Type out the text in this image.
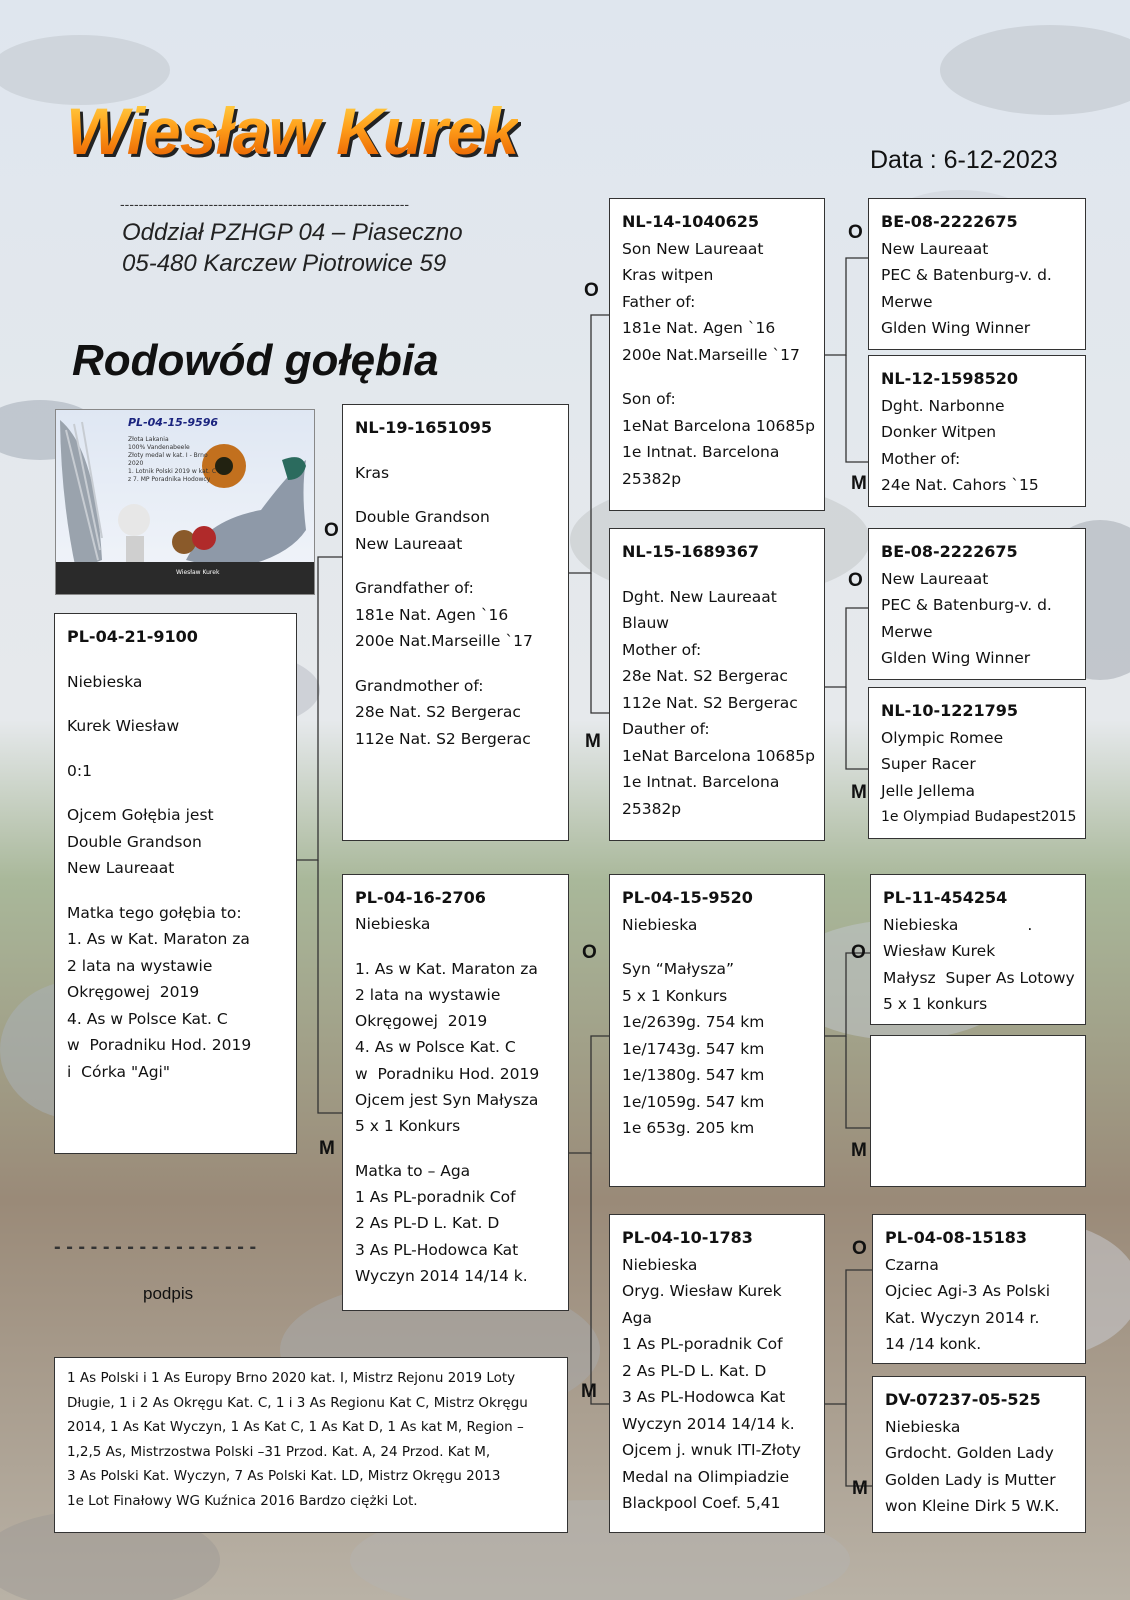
Wiesław Kurek	Data : 6-12-2023
--------------------------------------------------------------
Oddział PZHGP 04 – Piaseczno
05-480 Karczew Piotrowice 59
Rodowód gołębia
PL-04-15-9596
Złota Lakania
100% Vandenabeele
Złoty medal w kat. I - Brno 2020
1. Lotnik Polski 2019 w kat. C
z 7. MP Poradnika Hodowcy
Wiesław Kurek
PL-04-21-9100
Niebieska
Kurek Wiesław
0:1
Ojcem Gołębia jest
Double Grandson
New Laureaat
Matka tego gołębia to:
1. As w Kat. Maraton za
2 lata na wystawie
Okręgowej  2019
4. As w Polsce Kat. C
w  Poradniku Hod. 2019
i  Córka "Agi"
NL-19-1651095
Kras
Double Grandson
New Laureaat
Grandfather of:
181e Nat. Agen `16
200e Nat.Marseille `17
Grandmother of:
28e Nat. S2 Bergerac
112e Nat. S2 Bergerac
PL-04-16-2706
Niebieska
1. As w Kat. Maraton za
2 lata na wystawie
Okręgowej  2019
4. As w Polsce Kat. C
w  Poradniku Hod. 2019
Ojcem jest Syn Małysza
5 x 1 Konkurs
Matka to – Aga
1 As PL-poradnik Cof
2 As PL-D L. Kat. D
3 As PL-Hodowca Kat
Wyczyn 2014 14/14 k.
NL-14-1040625
Son New Laureaat
Kras witpen
Father of:
181e Nat. Agen `16
200e Nat.Marseille `17
Son of:
1eNat Barcelona 10685p
1e Intnat. Barcelona
25382p
NL-15-1689367
Dght. New Laureaat
Blauw
Mother of:
28e Nat. S2 Bergerac
112e Nat. S2 Bergerac
Dauther of:
1eNat Barcelona 10685p
1e Intnat. Barcelona
25382p
PL-04-15-9520
Niebieska
Syn “Małysza”
5 x 1 Konkurs
1e/2639g. 754 km
1e/1743g. 547 km
1e/1380g. 547 km
1e/1059g. 547 km
1e 653g. 205 km
PL-04-10-1783
Niebieska
Oryg. Wiesław Kurek
Aga
1 As PL-poradnik Cof
2 As PL-D L. Kat. D
3 As PL-Hodowca Kat
Wyczyn 2014 14/14 k.
Ojcem j. wnuk ITI-Złoty
Medal na Olimpiadzie
Blackpool Coef. 5,41
BE-08-2222675
New Laureaat
PEC & Batenburg-v. d.
Merwe
Glden Wing Winner
NL-12-1598520
Dght. Narbonne
Donker Witpen
Mother of:
24e Nat. Cahors `15
BE-08-2222675
New Laureaat
PEC & Batenburg-v. d.
Merwe
Glden Wing Winner
NL-10-1221795
Olympic Romee
Super Racer
Jelle Jellema
1e Olympiad Budapest2015
PL-11-454254
Niebieska              .
Wiesław Kurek
Małysz  Super As Lotowy
5 x 1 konkurs
PL-04-08-15183
Czarna
Ojciec Agi-3 As Polski
Kat. Wyczyn 2014 r.
14 /14 konk.
DV-07237-05-525
Niebieska
Grdocht. Golden Lady
Golden Lady is Mutter
won Kleine Dirk 5 W.K.
O
M
O
M
O
M
O
M
O
M
O
M
O
M
- - - - - - - - - - - - - - - - -
podpis
1 As Polski i 1 As Europy Brno 2020 kat. I, Mistrz Rejonu 2019 Loty
Długie, 1 i 2 As Okręgu Kat. C, 1 i 3 As Regionu Kat C, Mistrz Okręgu
2014, 1 As Kat Wyczyn, 1 As Kat C, 1 As Kat D, 1 As kat M, Region –
1,2,5 As, Mistrzostwa Polski –31 Przod. Kat. A, 24 Przod. Kat M,
3 As Polski Kat. Wyczyn, 7 As Polski Kat. LD, Mistrz Okręgu 2013
1e Lot Finałowy WG Kuźnica 2016 Bardzo ciężki Lot.
